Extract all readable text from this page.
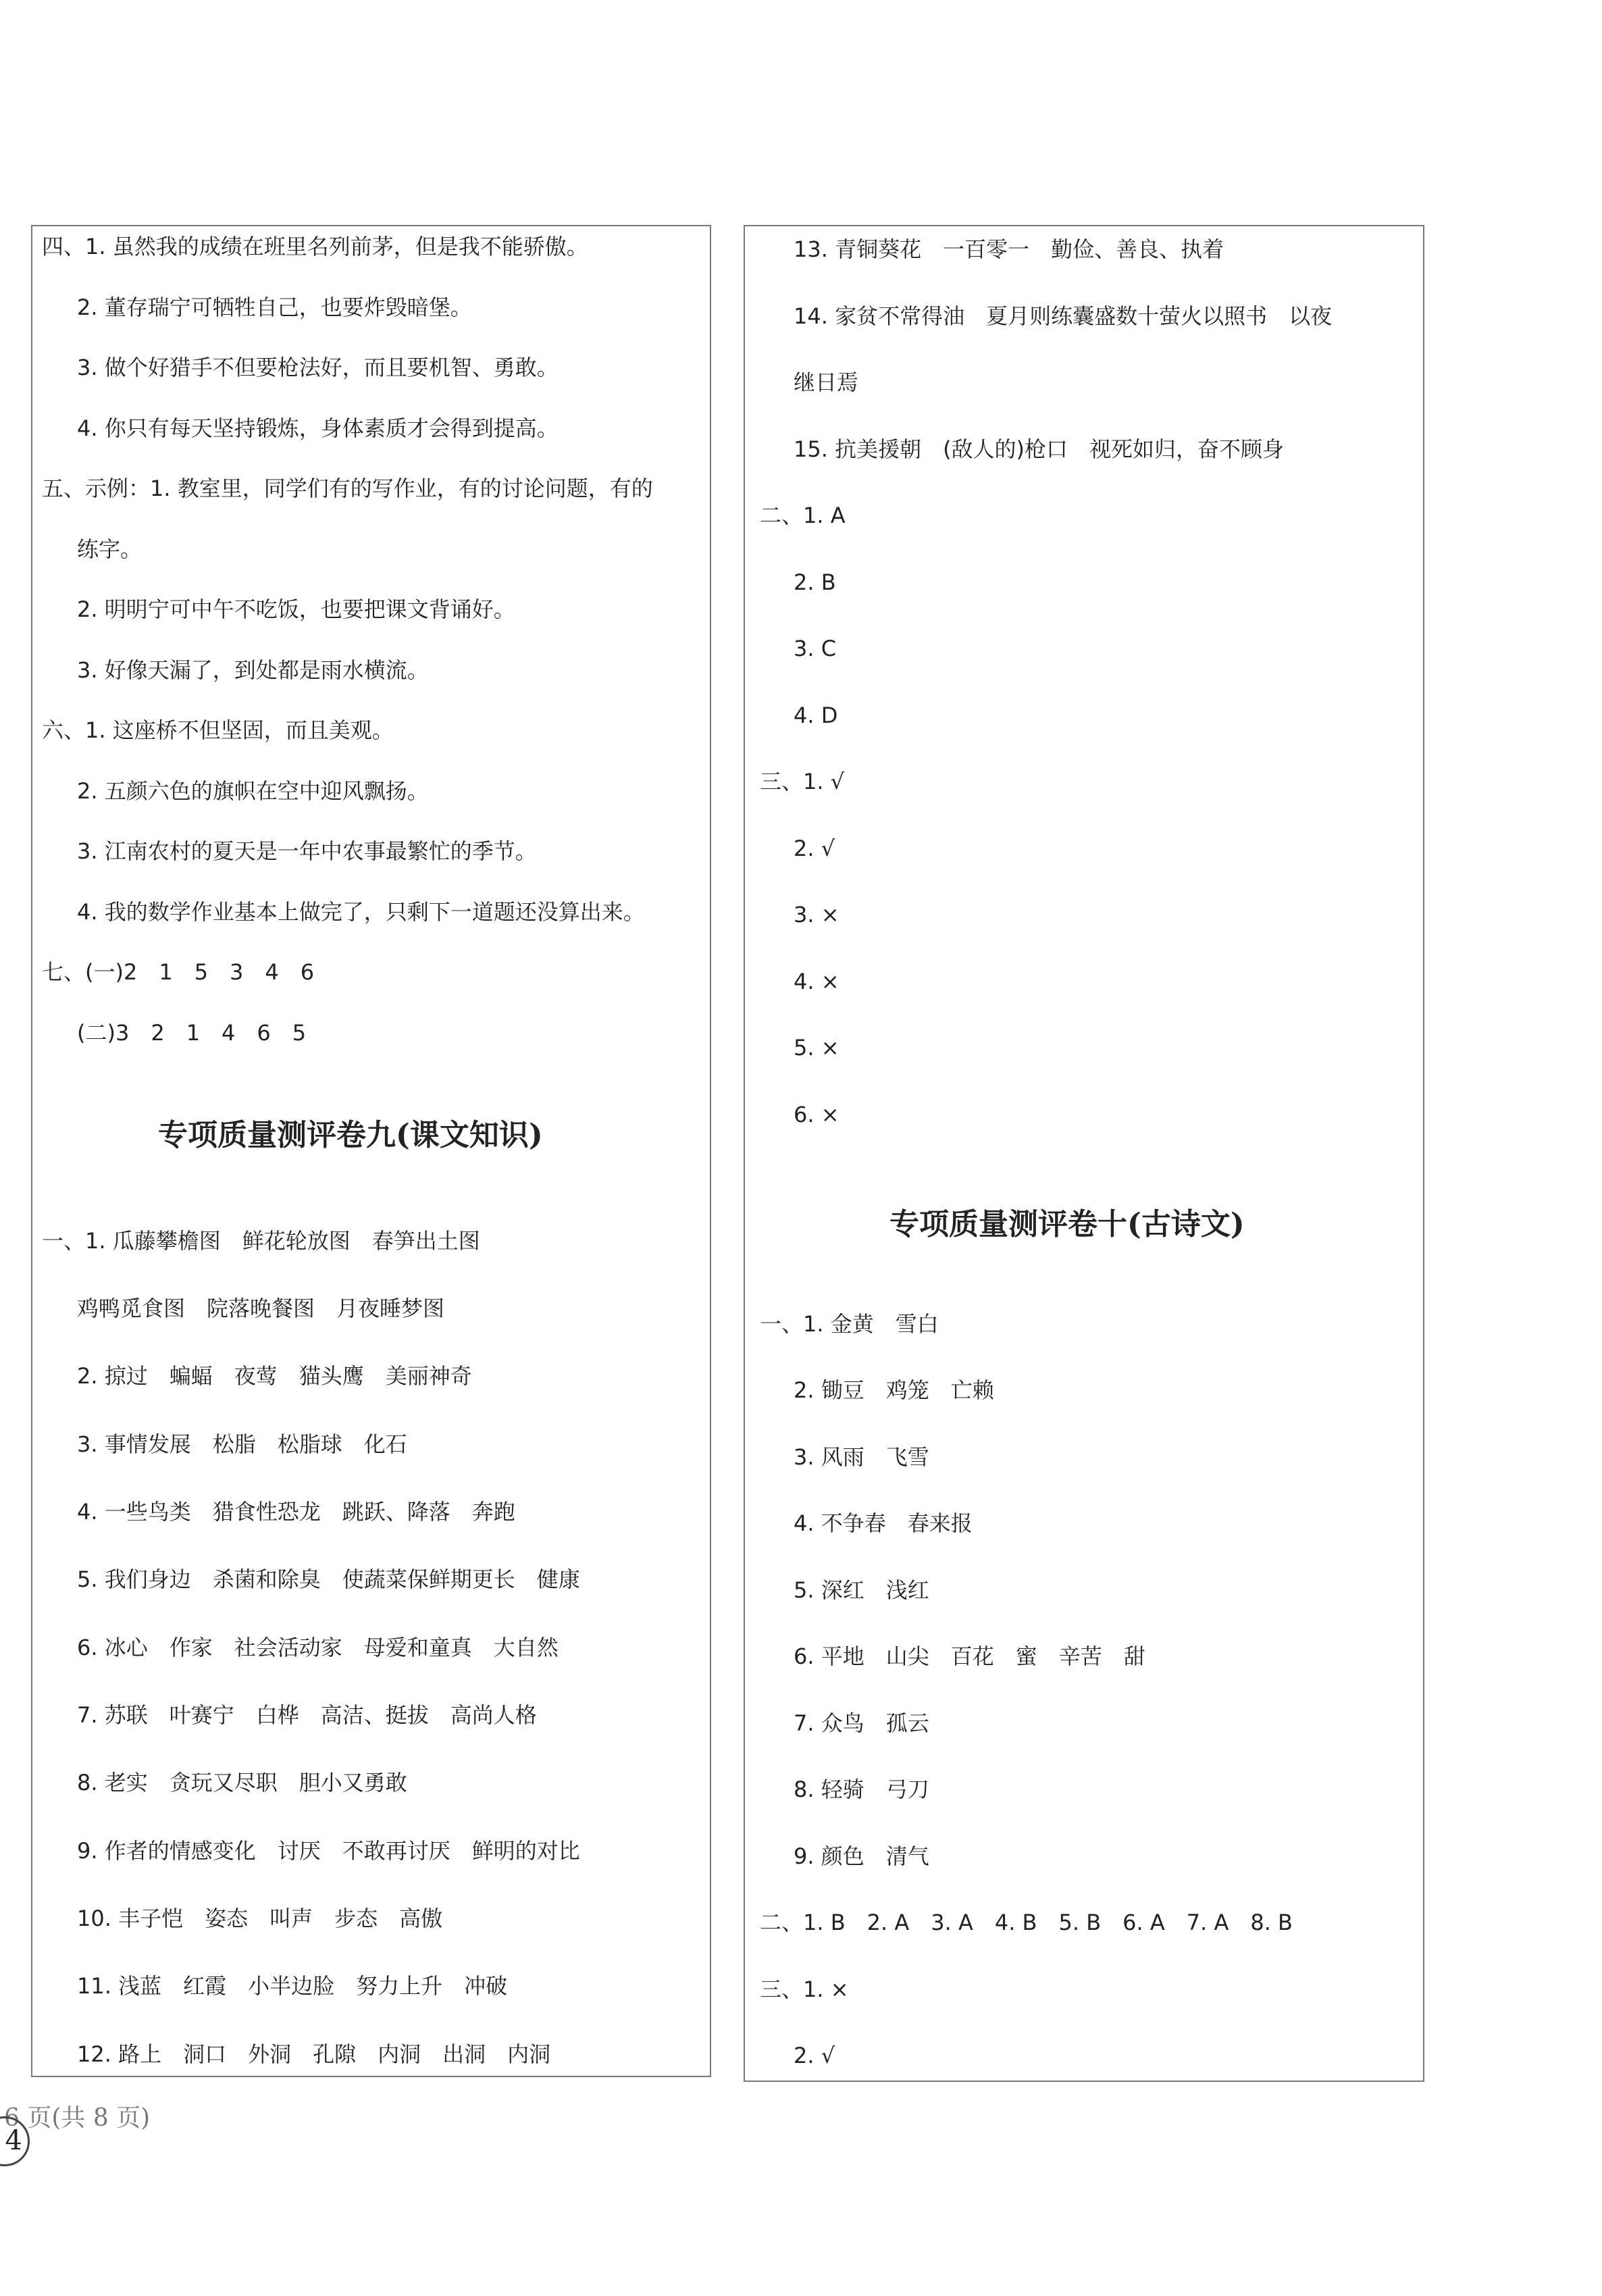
四、1. 虽然我的成绩在班里名列前茅，但是我不能骄傲。
2. 董存瑞宁可牺牲自己，也要炸毁暗堡。
3. 做个好猎手不但要枪法好，而且要机智、勇敢。
4. 你只有每天坚持锻炼，身体素质才会得到提高。
五、示例：1. 教室里，同学们有的写作业，有的讨论问题，有的
练字。
2. 明明宁可中午不吃饭，也要把课文背诵好。
3. 好像天漏了，到处都是雨水横流。
六、1. 这座桥不但坚固，而且美观。
2. 五颜六色的旗帜在空中迎风飘扬。
3. 江南农村的夏天是一年中农事最繁忙的季节。
4. 我的数学作业基本上做完了，只剩下一道题还没算出来。
七、(一)2　1　5　3　4　6
(二)3　2　1　4　6　5
专项质量测评卷九(课文知识)
一、1. 瓜藤攀檐图　鲜花轮放图　春笋出土图
鸡鸭觅食图　院落晚餐图　月夜睡梦图
2. 掠过　蝙蝠　夜莺　猫头鹰　美丽神奇
3. 事情发展　松脂　松脂球　化石
4. 一些鸟类　猎食性恐龙　跳跃、降落　奔跑
5. 我们身边　杀菌和除臭　使蔬菜保鲜期更长　健康
6. 冰心　作家　社会活动家　母爱和童真　大自然
7. 苏联　叶赛宁　白桦　高洁、挺拔　高尚人格
8. 老实　贪玩又尽职　胆小又勇敢
9. 作者的情感变化　讨厌　不敢再讨厌　鲜明的对比
10. 丰子恺　姿态　叫声　步态　高傲
11. 浅蓝　红霞　小半边脸　努力上升　冲破
12. 路上　洞口　外洞　孔隙　内洞　出洞　内洞
13. 青铜葵花　一百零一　勤俭、善良、执着
14. 家贫不常得油　夏月则练囊盛数十萤火以照书　以夜
继日焉
15. 抗美援朝　(敌人的)枪口　视死如归，奋不顾身
二、1. A
2. B
3. C
4. D
三、1. √
2. √
3. ×
4. ×
5. ×
6. ×
专项质量测评卷十(古诗文)
一、1. 金黄　雪白
2. 锄豆　鸡笼　亡赖
3. 风雨　飞雪
4. 不争春　春来报
5. 深红　浅红
6. 平地　山尖　百花　蜜　辛苦　甜
7. 众鸟　孤云
8. 轻骑　弓刀
9. 颜色　清气
二、1. B　2. A　3. A　4. B　5. B　6. A　7. A　8. B
三、1. ×
2. √
6 页(共 8 页)
4
